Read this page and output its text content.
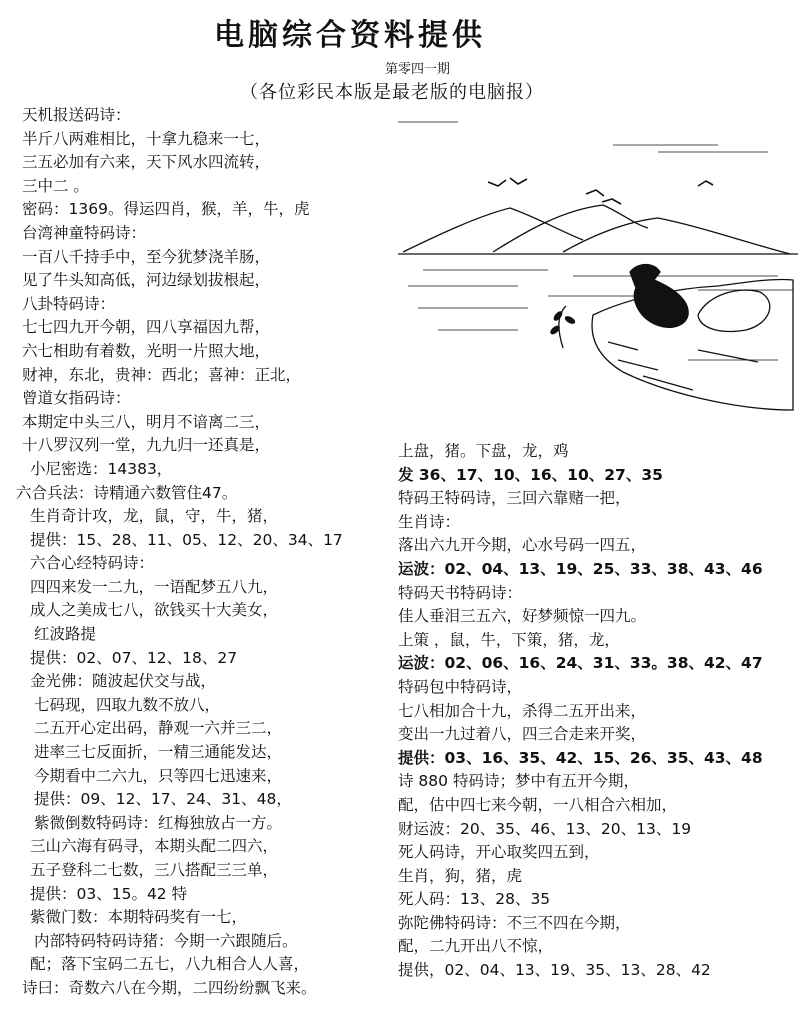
电脑综合资料提供
第零四一期
（各位彩民本版是最老版的电脑报）
天机报送码诗：
半斤八两难相比，十拿九稳来一七，
三五必加有六来，天下风水四流转，
三中二 。
密码：1369。得运四肖，猴，羊，牛，虎
台湾神童特码诗：
一百八千持手中，至今犹梦浇羊肠，
见了牛头知高低，河边绿划拔根起，
八卦特码诗：
七七四九开今朝，四八享福因九帮，
六七相助有着数，光明一片照大地，
财神，东北，贵神：西北；喜神：正北，
曾道女指码诗：
本期定中头三八，明月不谙离二三，
十八罗汉列一堂，九九归一还真是，
小尼密选：14383，
六合兵法：诗精通六数管住47。
生肖奇计攻，龙，鼠，守，牛，猪，
提供：15、28、11、05、12、20、34、17
六合心经特码诗：
四四来发一二九，一语配梦五八九，
成人之美成七八，欲钱买十大美女，
红波路提
提供：02、07、12、18、27
金光佛：随波起伏交与战，
七码现，四取九数不放八，
二五开心定出码，静观一六并三二，
进率三七反面折，一精三通能发达，
今期看中二六九，只等四七迅速来，
提供：09、12、17、24、31、48，
紫微倒数特码诗：红梅独放占一方。
三山六海有码寻，本期头配二四六，
五子登科二七数，三八搭配三三单，
提供：03、15。42 特
紫微门数：本期特码奖有一七，
内部特码特码诗猪：今期一六跟随后。
配；落下宝码二五七，八九相合人人喜，
诗曰：奇数六八在今期，二四纷纷飘飞来。
上盘，猪。下盘，龙，鸡
发 36、17、10、16、10、27、35
特码王特码诗，三回六靠赌一把，
生肖诗：
落出六九开今期，心水号码一四五，
运波：02、04、13、19、25、33、38、43、46
特码天书特码诗：
佳人垂泪三五六，好梦频惊一四九。
上策 ，鼠，牛，下策，猪，龙，
运波：02、06、16、24、31、33。38、42、47
特码包中特码诗，
七八相加合十九，杀得二五开出来，
变出一九过着八，四三合走来开奖，
提供：03、16、35、42、15、26、35、43、48
诗 880 特码诗；梦中有五开今期，
配，估中四七来今朝，一八相合六相加，
财运波：20、35、46、13、20、13、19
死人码诗，开心取奖四五到，
生肖，狗，猪，虎
死人码：13、28、35
弥陀佛特码诗：不三不四在今期，
配，二九开出八不惊，
提供，02、04、13、19、35、13、28、42
